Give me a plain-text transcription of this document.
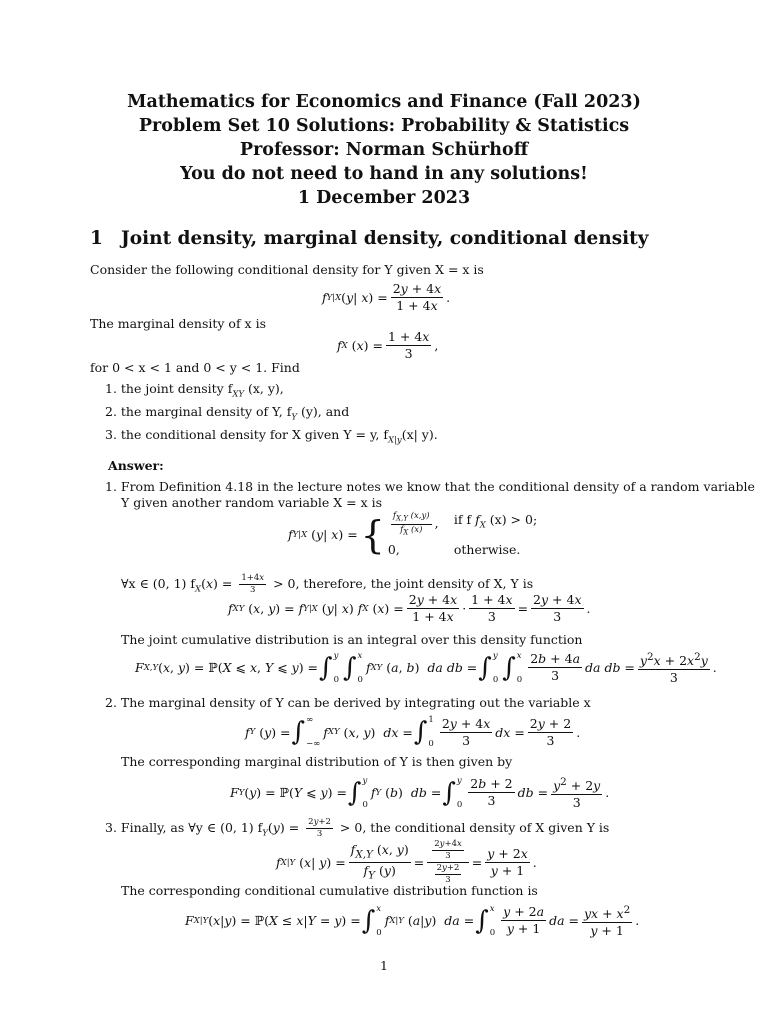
Mathematics for Economics and Finance (Fall 2023)
Problem Set 10 Solutions: Probability & Statistics
Professor: Norman Schürhoff
You do not need to hand in any solutions!
1 December 2023
1 Joint density, marginal density, conditional density
Consider the following conditional density for Y given X = x is
f Y|X (y| $x) = \frac{2y + 4x}{1 + 4x}$ .
The marginal density of x is
f X $(x) = \frac{1 + 4x}{3}$ ,
for 0 < x < 1 and 0 < y < 1. Find
1. the joint density $f_{XY}$ (x, y),
2. the marginal density of Y, $f_Y$ (y), and
3. the conditional density for X given Y = y, $f_{X|y}(x|$ y).
Answer:
1. From Definition 4.18 in the lecture notes we know that the conditional density of a random variable
Y given another random variable X = x is
f Y|X (y| x) = { $\frac{f_{X,Y} (x,y)}{f_X (x)}$ ,	if f $f_X$ (x) > 0;
0,	otherwise.
∀x ∈ (0, 1) $f_X(x) = \frac{1+4x}{3} > 0$, therefore, the joint density of X, Y is
f XY (x, y) =
f Y|X (y| x)
f X $(x) = \frac{2y + 4x}{1 + 4x} \cdot \frac{1 + 4x}{3} = \frac{2y + 4x}{3}$ .
The joint cumulative distribution is an integral over this density function
F X,Y (x, y) = ℙ(X ⩽ x, Y ⩽ y) = ∫ y
0 ∫ x
0
f XY (a, b)  da db = ∫ y
0 ∫ x
$0 \frac{2b + 4a}{3}$ da db = $\frac{y^2x + 2x^2y}{3}$ .
2. The marginal density of Y can be derived by integrating out the variable x
f Y (y) = ∫ ∞
−∞
f XY (x, y)  dx = ∫ 1
$0 \frac{2y + 4x}{3}$ dx = $\frac{2y + 2}{3}$ .
The corresponding marginal distribution of Y is then given by
F Y (y) = ℙ(Y ⩽ y) = ∫ y
0
f Y (b)  db = ∫ y
$0 \frac{2b + 2}{3}$ db = $\frac{y^2 + 2y}{3}$ .
3. Finally, as ∀y ∈ (0, 1) $f_Y(y) = \frac{2y+2}{3} > 0$, the conditional density of X given Y is
f X|Y (x| $y) = \frac{f_{X,Y} (x, y)}{f_Y (y)} = \frac{\frac{2y+4x}{3}}{\frac{2y+2}{3}} = \frac{y + 2x}{y + 1}$ .
The corresponding conditional cumulative distribution function is
F X|Y (x|y) = ℙ(X ≤ x|Y = y) = ∫ x
0
f X|Y (a|y)  da = ∫ x
$0 \frac{y + 2a}{y + 1}$ da = $\frac{yx + x^2}{y + 1}$ .
1
